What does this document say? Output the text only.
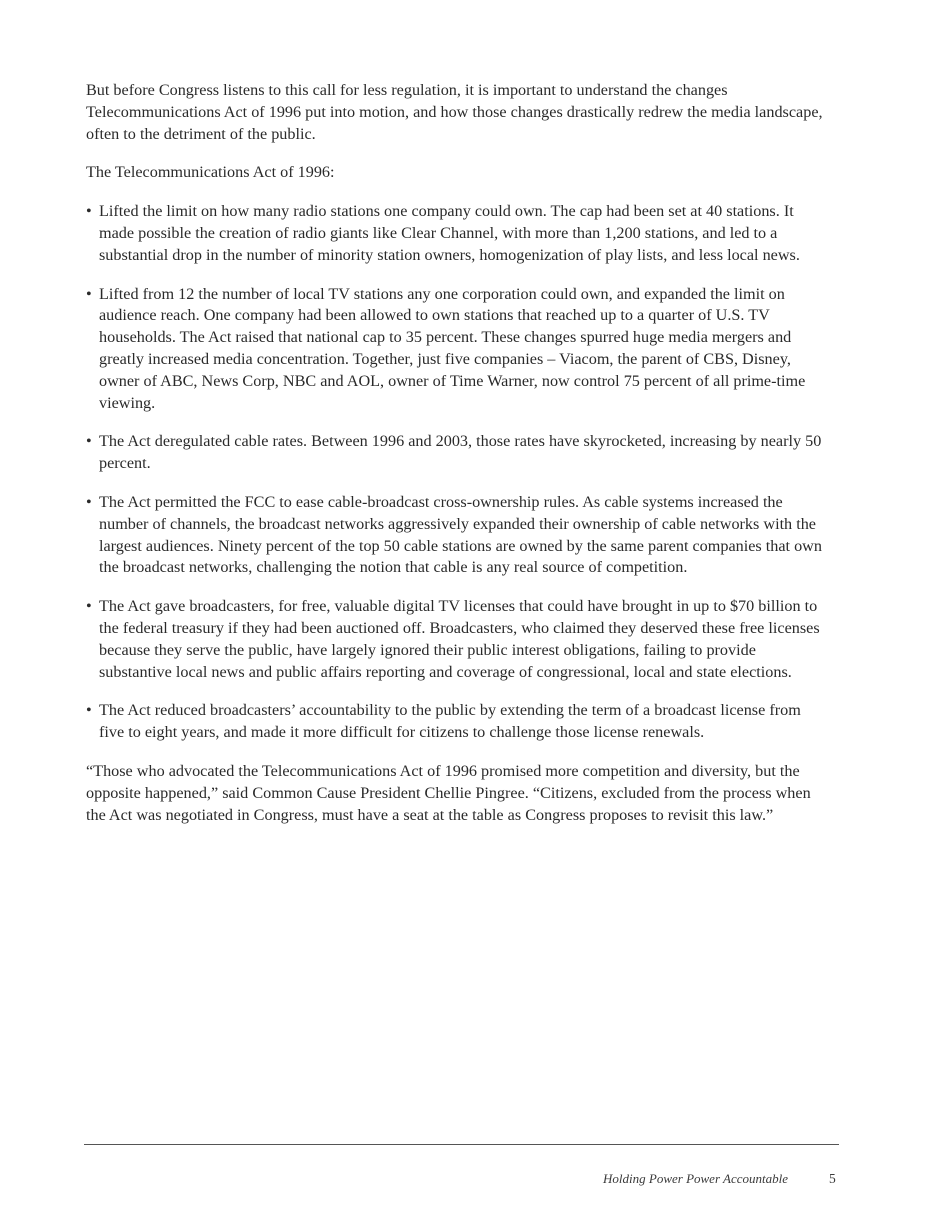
But before Congress listens to this call for less regulation, it is important to understand the changes Telecommunications Act of 1996 put into motion, and how those changes drastically redrew the media landscape, often to the detriment of the public.

The Telecommunications Act of 1996:

• Lifted the limit on how many radio stations one company could own. The cap had been set at 40 stations. It made possible the creation of radio giants like Clear Channel, with more than 1,200 stations, and led to a substantial drop in the number of minority station owners, homogenization of play lists, and less local news.
• Lifted from 12 the number of local TV stations any one corporation could own, and expanded the limit on audience reach. One company had been allowed to own stations that reached up to a quarter of U.S. TV households. The Act raised that national cap to 35 percent. These changes spurred huge media mergers and greatly increased media concentration. Together, just five companies – Viacom, the parent of CBS, Disney, owner of ABC, News Corp, NBC and AOL, owner of Time Warner, now control 75 percent of all prime-time viewing.
• The Act deregulated cable rates. Between 1996 and 2003, those rates have skyrocketed, increasing by nearly 50 percent.
• The Act permitted the FCC to ease cable-broadcast cross-ownership rules. As cable systems increased the number of channels, the broadcast networks aggressively expanded their ownership of cable networks with the largest audiences. Ninety percent of the top 50 cable stations are owned by the same parent companies that own the broadcast networks, challenging the notion that cable is any real source of competition.
• The Act gave broadcasters, for free, valuable digital TV licenses that could have brought in up to $70 billion to the federal treasury if they had been auctioned off. Broadcasters, who claimed they deserved these free licenses because they serve the public, have largely ignored their public interest obligations, failing to provide substantive local news and public affairs reporting and coverage of congressional, local and state elections.
• The Act reduced broadcasters’ accountability to the public by extending the term of a broadcast license from five to eight years, and made it more difficult for citizens to challenge those license renewals.

“Those who advocated the Telecommunications Act of 1996 promised more competition and diversity, but the opposite happened,” said Common Cause President Chellie Pingree. “Citizens, excluded from the process when the Act was negotiated in Congress, must have a seat at the table as Congress proposes to revisit this law.”

Holding Power Power Accountable	5
